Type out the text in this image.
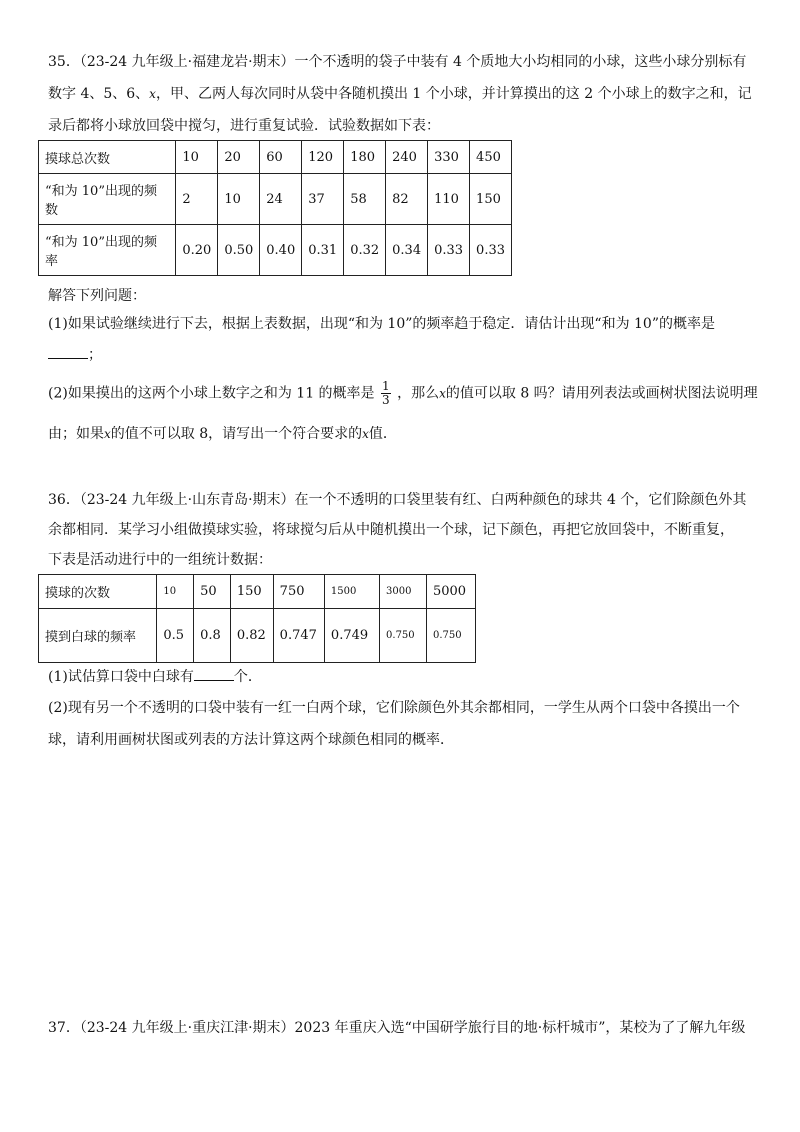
35．（23-24 九年级上·福建龙岩·期末）一个不透明的袋子中装有 4 个质地大小均相同的小球，这些小球分别标有
数字 4、5、6、x，甲、乙两人每次同时从袋中各随机摸出 1 个小球，并计算摸出的这 2 个小球上的数字之和，记
录后都将小球放回袋中搅匀，进行重复试验．试验数据如下表：
摸球总次数	10	20	60	120	180	240	330	450
“和为 10”出现的频数	2	10	24	37	58	82	110	150
“和为 10”出现的频率	0.20	0.50	0.40	0.31	0.32	0.34	0.33	0.33
解答下列问题：
(1)如果试验继续进行下去，根据上表数据，出现“和为 10”的频率趋于稳定．请估计出现“和为 10”的概率是
；
(2)如果摸出的这两个小球上数字之和为 11 的概率是 $\frac{1}{3}$ ，那么x的值可以取 8 吗？请用列表法或画树状图法说明理
由；如果x的值不可以取 8，请写出一个符合要求的x值．
36．（23-24 九年级上·山东青岛·期末）在一个不透明的口袋里装有红、白两种颜色的球共 4 个，它们除颜色外其
余都相同．某学习小组做摸球实验，将球搅匀后从中随机摸出一个球，记下颜色，再把它放回袋中，不断重复，
下表是活动进行中的一组统计数据：
摸球的次数	10	50	150	750	1500	3000	5000
摸到白球的频率	0.5	0.8	0.82	0.747	0.749	0.750	0.750
(1)试估算口袋中白球有	个．
(2)现有另一个不透明的口袋中装有一红一白两个球，它们除颜色外其余都相同，一学生从两个口袋中各摸出一个
球，请利用画树状图或列表的方法计算这两个球颜色相同的概率．
37．（23-24 九年级上·重庆江津·期末）2023 年重庆入选“中国研学旅行目的地·标杆城市”，某校为了了解九年级
